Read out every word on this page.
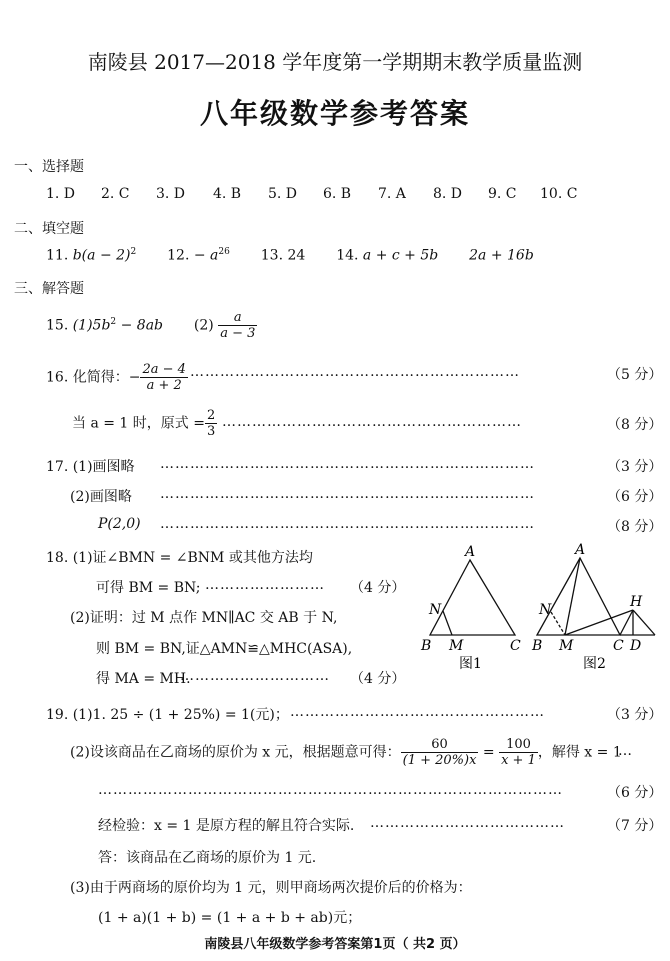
南陵县 2017—2018 学年度第一学期期末教学质量监测
八年级数学参考答案
一、选择题
1. D 2. C 3. D 4. B 5. D 6. B 7. A 8. D 9. C 10. C
二、填空题
11. $b(a - 2)^2$ 12. − $a^{26}$ 13. 24 14. a + c + 5b 2a + 16b
三、解答题
15. $(1)5b^2 - 8ab$ $(2) \frac{a}{a - 3}$
16. 化简得：− $\frac{2a - 4}{a + 2}$ …………………………………………………………	（5 分）
当 a = 1 时，原式 = $\frac{2}{3}$ ……………………………………………………	（8 分）
17. (1)画图略 …………………………………………………………………	（3 分）
(2)画图略 …………………………………………………………………	（6 分）
P(2,0) …………………………………………………………………	（8 分）
18. (1)证∠BMN = ∠BNM 或其他方法均
可得 BM = BN; …………………… （4 分）
(2)证明：过 M 点作 MN∥AC 交 AB 于 N,
则 BM = BN,证△AMN≌△MHC(ASA),
得 MA = MH.
………………………… （4 分）
A
N
B M	C
图1
A
N
B M	C D
H
图2
19. (1)1. 25 ÷ (1 + 25%) = 1(元)； ……………………………………………	（3 分）
(2)设该商品在乙商场的原价为 x 元，根据题意可得： $\frac{60}{(1 + 20\%)x} = \frac{100}{x + 1}$ ，解得 x = 1
…
…………………………………………………………………………………	（6 分）
经检验：x = 1 是原方程的解且符合实际. …………………………………	（7 分）
答：该商品在乙商场的原价为 1 元.
(3)由于两商场的原价均为 1 元，则甲商场两次提价后的价格为：
(1 + a)(1 + b) = (1 + a + b + ab)元；
南陵县八年级数学参考答案第1页（ 共2 页）
